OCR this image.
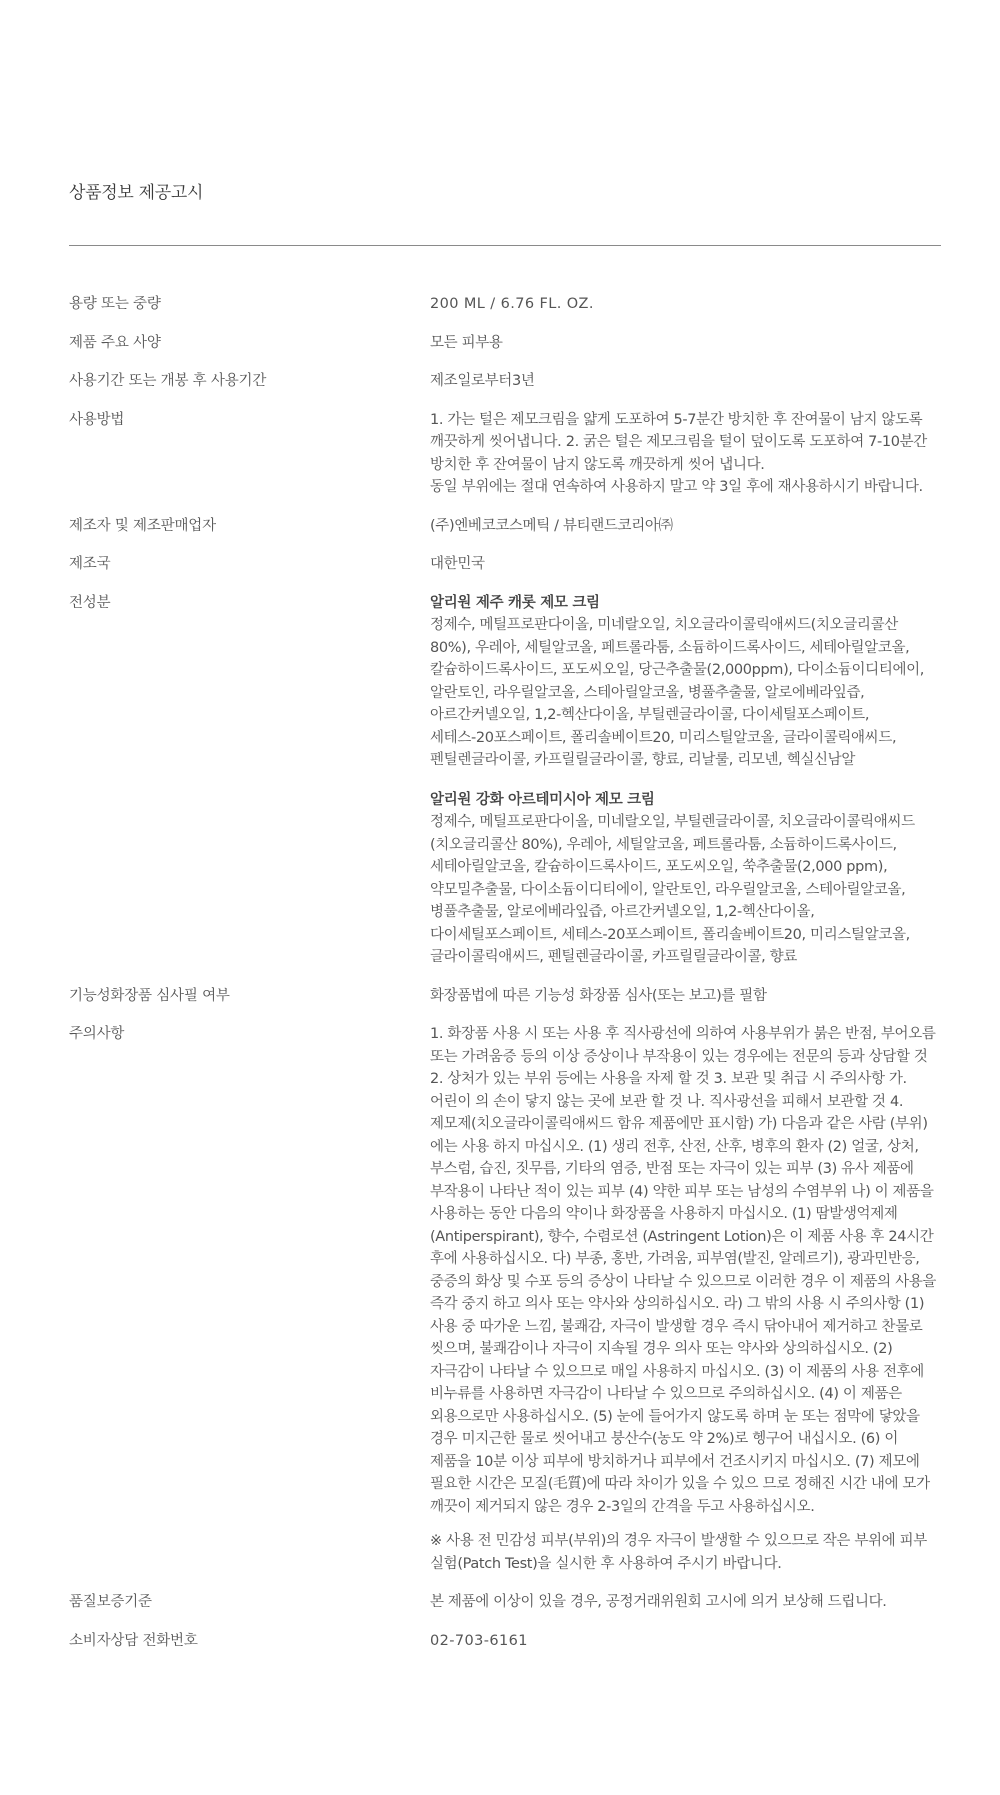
상품정보 제공고시
용량 또는 중량	200 ML / 6.76 FL. OZ.
제품 주요 사양	모든 피부용
사용기간 또는 개봉 후 사용기간	제조일로부터3년
사용방법	1. 가는 털은 제모크림을 얇게 도포하여 5-7분간 방치한 후 잔여물이 남지 않도록 깨끗하게 씻어냅니다. 2. 굵은 털은 제모크림을 털이 덮이도록 도포하여 7-10분간 방치한 후 잔여물이 남지 않도록 깨끗하게 씻어 냅니다.

동일 부위에는 절대 연속하여 사용하지 말고 약 3일 후에 재사용하시기 바랍니다.

제조자 및 제조판매업자	(주)엔베코코스메틱 / 뷰티랜드코리아㈜
제조국	대한민국
전성분	알리원 제주 캐롯 제모 크림
정제수, 메틸프로판다이올, 미네랄오일, 치오글라이콜릭애씨드(치오글리콜산 80%), 우레아, 세틸알코올, 페트롤라툼, 소듐하이드록사이드, 세테아릴알코올, 칼슘하이드록사이드, 포도씨오일, 당근추출물(2,000ppm), 다이소듐이디티에이, 알란토인, 라우릴알코올, 스테아릴알코올, 병풀추출물, 알로에베라잎즙, 아르간커넬오일, 1,2-헥산다이올, 부틸렌글라이콜, 다이세틸포스페이트, 세테스-20포스페이트, 폴리솔베이트20, 미리스틸알코올, 글라이콜릭애씨드, 펜틸렌글라이콜, 카프릴릴글라이콜, 향료, 리날룰, 리모넨, 헥실신남알
알리원 강화 아르테미시아 제모 크림
정제수, 메틸프로판다이올, 미네랄오일, 부틸렌글라이콜, 치오글라이콜릭애씨드(치오글리콜산 80%), 우레아, 세틸알코올, 페트롤라툼, 소듐하이드록사이드, 세테아릴알코올, 칼슘하이드록사이드, 포도씨오일, 쑥추출물(2,000 ppm), 약모밀추출물, 다이소듐이디티에이, 알란토인, 라우릴알코올, 스테아릴알코올, 병풀추출물, 알로에베라잎즙, 아르간커넬오일, 1,2-헥산다이올, 다이세틸포스페이트, 세테스-20포스페이트, 폴리솔베이트20, 미리스틸알코올, 글라이콜릭애씨드, 펜틸렌글라이콜, 카프릴릴글라이콜, 향료
기능성화장품 심사필 여부	화장품법에 따른 기능성 화장품 심사(또는 보고)를 필함
주의사항	1. 화장품 사용 시 또는 사용 후 직사광선에 의하여 사용부위가 붉은 반점, 부어오름 또는 가려움증 등의 이상 증상이나 부작용이 있는 경우에는 전문의 등과 상담할 것 2. 상처가 있는 부위 등에는 사용을 자제 할 것 3. 보관 및 취급 시 주의사항 가. 어린이 의 손이 닿지 않는 곳에 보관 할 것 나. 직사광선을 피해서 보관할 것 4. 제모제(치오글라이콜릭애씨드 함유 제품에만 표시함) 가) 다음과 같은 사람 (부위)에는 사용 하지 마십시오. (1) 생리 전후, 산전, 산후, 병후의 환자 (2) 얼굴, 상처, 부스럼, 습진, 짓무름, 기타의 염증, 반점 또는 자극이 있는 피부 (3) 유사 제품에 부작용이 나타난 적이 있는 피부 (4) 약한 피부 또는 남성의 수염부위 나) 이 제품을 사용하는 동안 다음의 약이나 화장품을 사용하지 마십시오. (1) 땀발생억제제(Antiperspirant), 향수, 수렴로션 (Astringent Lotion)은 이 제품 사용 후 24시간 후에 사용하십시오. 다) 부종, 홍반, 가려움, 피부염(발진, 알레르기), 광과민반응, 중증의 화상 및 수포 등의 증상이 나타날 수 있으므로 이러한 경우 이 제품의 사용을 즉각 중지 하고 의사 또는 약사와 상의하십시오. 라) 그 밖의 사용 시 주의사항 (1) 사용 중 따가운 느낌, 불쾌감, 자극이 발생할 경우 즉시 닦아내어 제거하고 찬물로 씻으며, 불쾌감이나 자극이 지속될 경우 의사 또는 약사와 상의하십시오. (2) 자극감이 나타날 수 있으므로 매일 사용하지 마십시오. (3) 이 제품의 사용 전후에 비누류를 사용하면 자극감이 나타날 수 있으므로 주의하십시오. (4) 이 제품은 외용으로만 사용하십시오. (5) 눈에 들어가지 않도록 하며 눈 또는 점막에 닿았을 경우 미지근한 물로 씻어내고 붕산수(농도 약 2%)로 헹구어 내십시오. (6) 이 제품을 10분 이상 피부에 방치하거나 피부에서 건조시키지 마십시오. (7) 제모에 필요한 시간은 모질(毛質)에 따라 차이가 있을 수 있으 므로 정해진 시간 내에 모가 깨끗이 제거되지 않은 경우 2-3일의 간격을 두고 사용하십시오.
※ 사용 전 민감성 피부(부위)의 경우 자극이 발생할 수 있으므로 작은 부위에 피부 실험(Patch Test)을 실시한 후 사용하여 주시기 바랍니다.
품질보증기준	본 제품에 이상이 있을 경우, 공정거래위원회 고시에 의거 보상해 드립니다.
소비자상담 전화번호	02-703-6161
